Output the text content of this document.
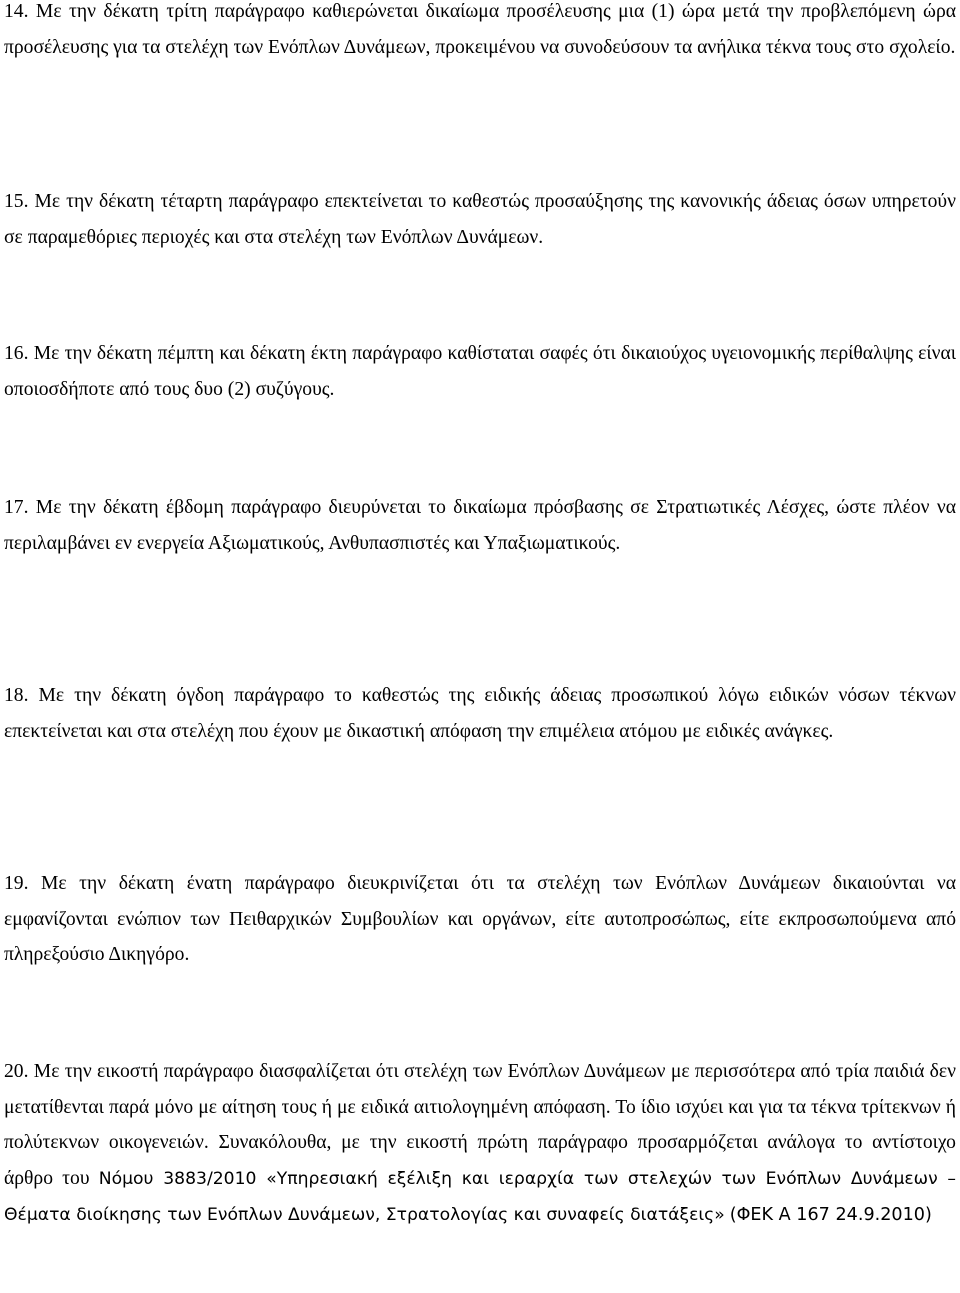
14. Με την δέκατη τρίτη παράγραφο καθιερώνεται δικαίωμα προσέλευσης μια (1) ώρα μετά την προβλεπόμενη ώρα προσέλευσης για τα στελέχη των Ενόπλων Δυνάμεων, προκειμένου να συνοδεύσουν τα ανήλικα τέκνα τους στο σχολείο.

15. Με την δέκατη τέταρτη παράγραφο επεκτείνεται το καθεστώς προσαύξησης της κανονικής άδειας όσων υπηρετούν σε παραμεθόριες περιοχές και στα στελέχη των Ενόπλων Δυνάμεων.

16. Με την δέκατη πέμπτη και δέκατη έκτη παράγραφο καθίσταται σαφές ότι δικαιούχος υγειονομικής περίθαλψης είναι οποιοσδήποτε από τους δυο (2) συζύγους.

17. Με την δέκατη έβδομη παράγραφο διευρύνεται το δικαίωμα πρόσβασης σε Στρατιωτικές Λέσχες, ώστε πλέον να περιλαμβάνει εν ενεργεία Αξιωματικούς, Ανθυπασπιστές και Υπαξιωματικούς.

18. Με την δέκατη όγδοη παράγραφο το καθεστώς της ειδικής άδειας προσωπικού λόγω ειδικών νόσων τέκνων επεκτείνεται και στα στελέχη που έχουν με δικαστική απόφαση την επιμέλεια ατόμου με ειδικές ανάγκες.

19. Με την δέκατη ένατη παράγραφο διευκρινίζεται ότι τα στελέχη των Ενόπλων Δυνάμεων δικαιούνται να εμφανίζονται ενώπιον των Πειθαρχικών Συμβουλίων και οργάνων, είτε αυτοπροσώπως, είτε εκπροσωπούμενα από πληρεξούσιο Δικηγόρο.

20. Με την εικοστή παράγραφο διασφαλίζεται ότι στελέχη των Ενόπλων Δυνάμεων με περισσότερα από τρία παιδιά δεν μετατίθενται παρά μόνο με αίτηση τους ή με ειδικά αιτιολογημένη απόφαση. Το ίδιο ισχύει και για τα τέκνα τρίτεκνων ή πολύτεκνων οικογενειών. Συνακόλουθα, με την εικοστή πρώτη παράγραφο προσαρμόζεται ανάλογα το αντίστοιχο άρθρο του Νόμου 3883/2010 «Υπηρεσιακή εξέλιξη και ιεραρχία των στελεχών των Ενόπλων Δυνάμεων – Θέματα διοίκησης των Ενόπλων Δυνάμεων, Στρατολογίας και συναφείς διατάξεις» (ΦΕΚ Α 167 24.9.2010)
